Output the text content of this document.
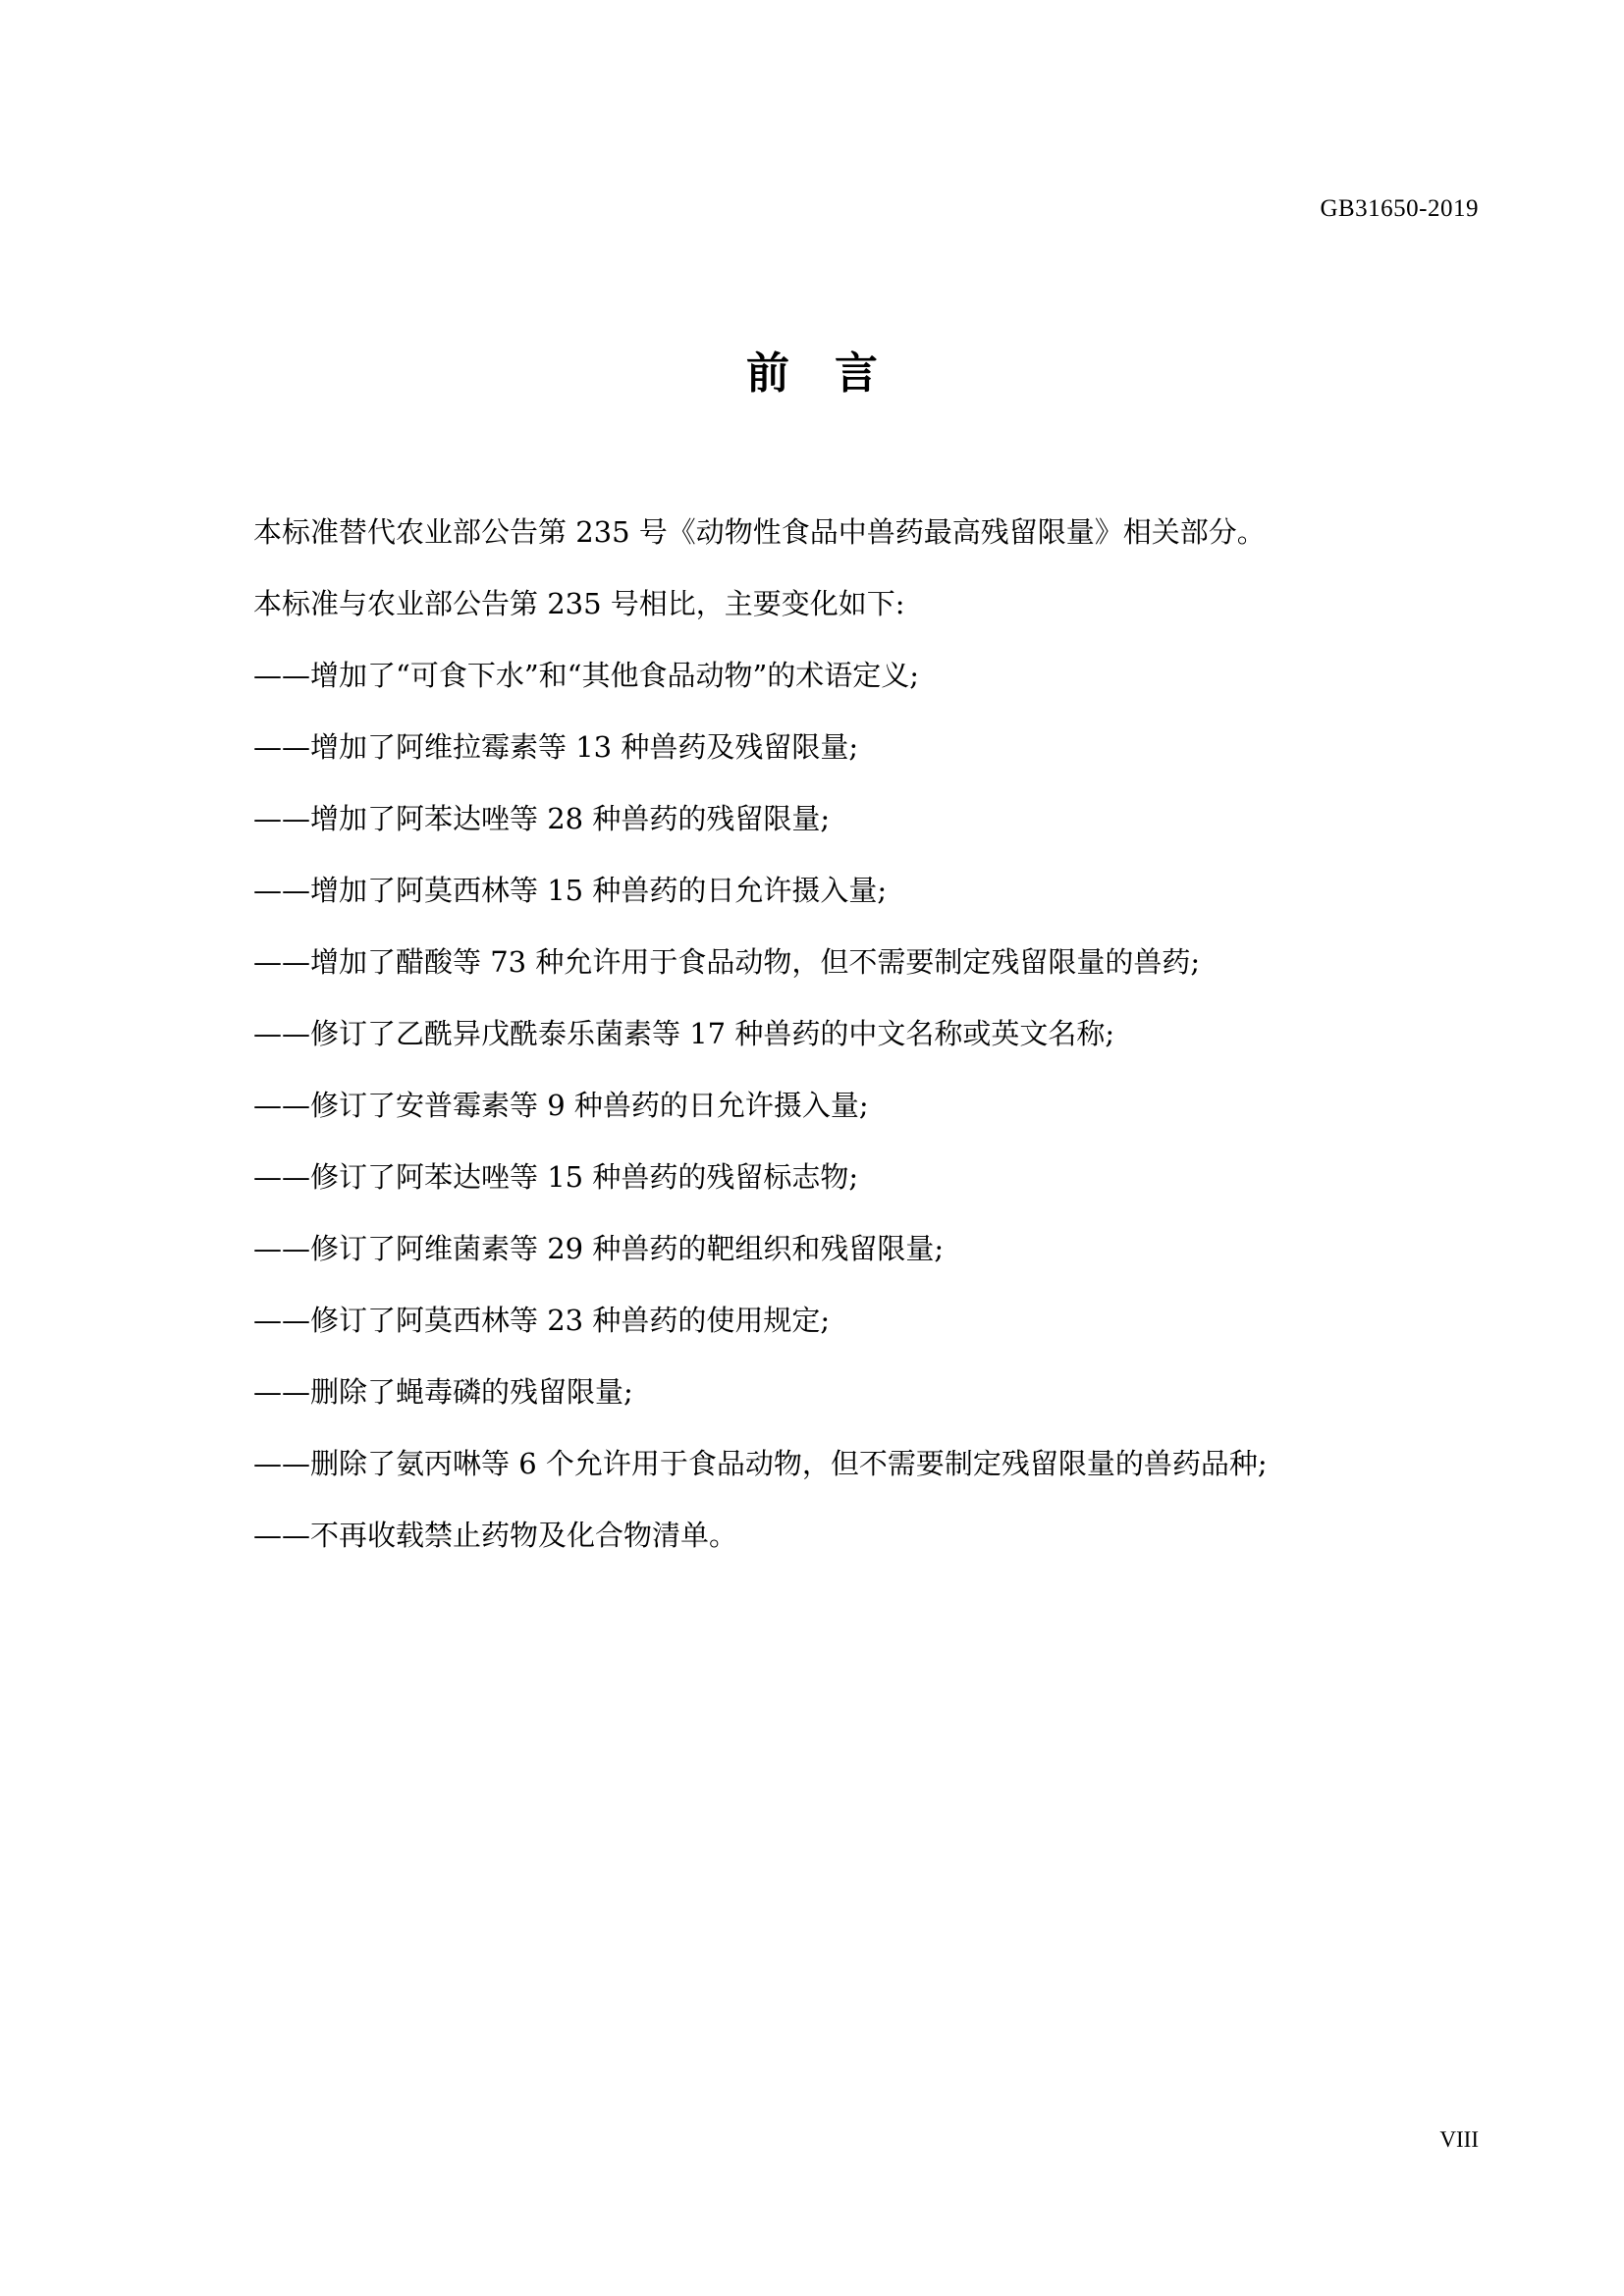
GB31650-2019
前言

本标准替代农业部公告第 235 号《动物性食品中兽药最高残留限量》相关部分。

本标准与农业部公告第 235 号相比，主要变化如下:

——增加了“可食下水”和“其他食品动物”的术语定义;

——增加了阿维拉霉素等 13 种兽药及残留限量;

——增加了阿苯达唑等 28 种兽药的残留限量;

——增加了阿莫西林等 15 种兽药的日允许摄入量;

——增加了醋酸等 73 种允许用于食品动物，但不需要制定残留限量的兽药;

——修订了乙酰异戊酰泰乐菌素等 17 种兽药的中文名称或英文名称;

——修订了安普霉素等 9 种兽药的日允许摄入量;

——修订了阿苯达唑等 15 种兽药的残留标志物;

——修订了阿维菌素等 29 种兽药的靶组织和残留限量;

——修订了阿莫西林等 23 种兽药的使用规定;

——删除了蝇毒磷的残留限量;

——删除了氨丙啉等 6 个允许用于食品动物，但不需要制定残留限量的兽药品种;

——不再收载禁止药物及化合物清单。

VIII
